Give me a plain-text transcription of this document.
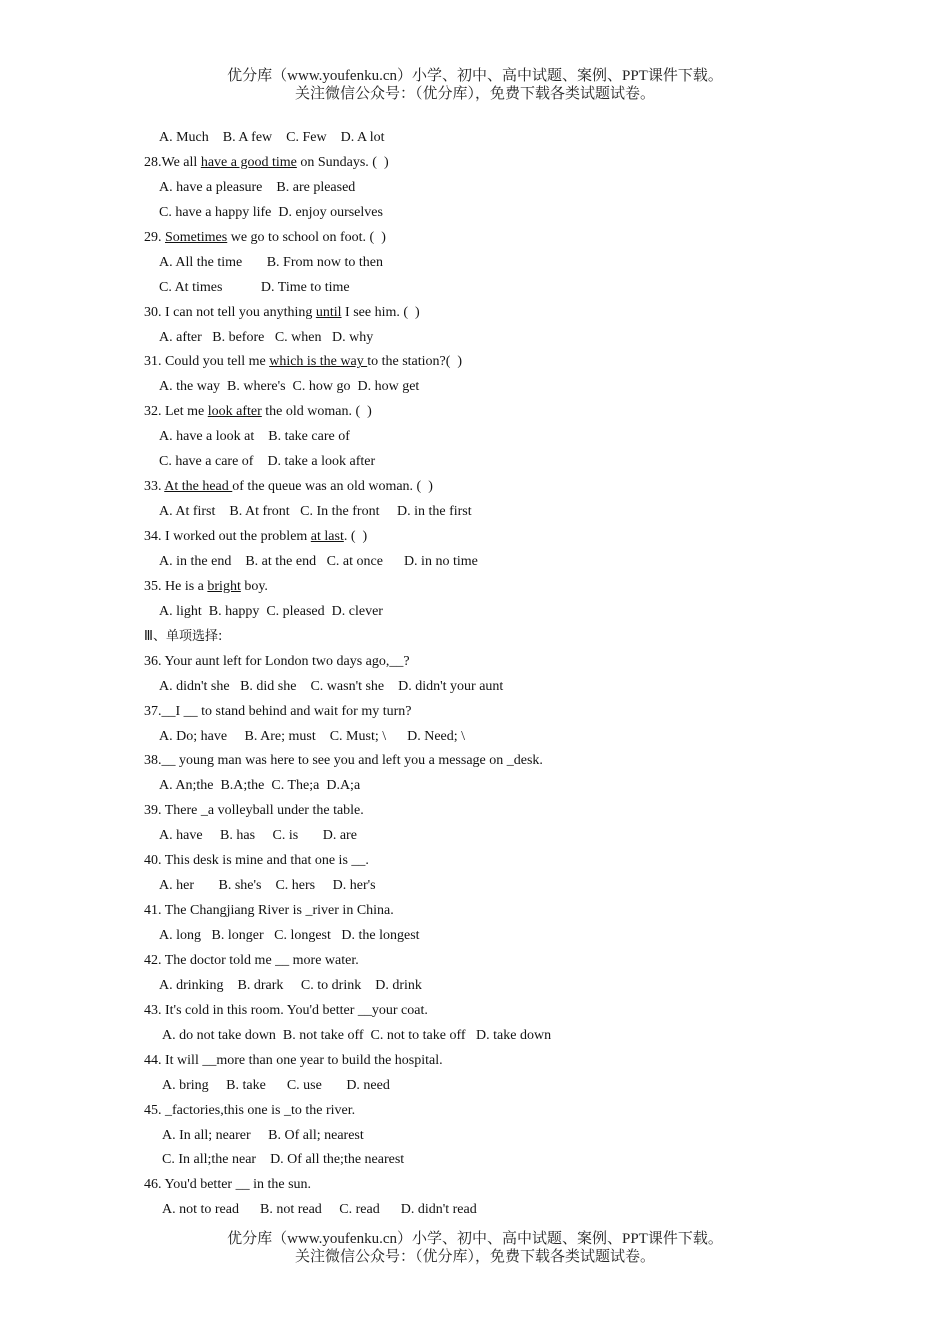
优分库（www.youfenku.cn）小学、初中、高中试题、案例、PPT课件下载。
关注微信公众号：（优分库），免费下载各类试题试卷。
A. Much    B. A few    C. Few    D. A lot
28.We all have a good time on Sundays. (  )
A. have a pleasure    B. are pleased
C. have a happy life  D. enjoy ourselves
29. Sometimes we go to school on foot. (  )
A. All the time       B. From now to then
C. At times           D. Time to time
30. I can not tell you anything until I see him. (  )
A. after   B. before   C. when   D. why
31. Could you tell me which is the way to the station?(  )
A. the way  B. where's  C. how go  D. how get
32. Let me look after the old woman. (  )
A. have a look at    B. take care of
C. have a care of    D. take a look after
33. At the head of the queue was an old woman. (  )
A. At first    B. At front   C. In the front     D. in the first
34. I worked out the problem at last. (  )
A. in the end    B. at the end   C. at once      D. in no time
35. He is a bright boy.
A. light  B. happy  C. pleased  D. clever
Ⅲ、单项选择:
36. Your aunt left for London two days ago,__?
A. didn't she   B. did she    C. wasn't she    D. didn't your aunt
37.__I __ to stand behind and wait for my turn?
A. Do; have     B. Are; must    C. Must; \      D. Need; \
38.__ young man was here to see you and left you a message on _desk.
A. An;the  B.A;the  C. The;a  D.A;a
39. There _a volleyball under the table.
A. have     B. has     C. is       D. are
40. This desk is mine and that one is __.
A. her       B. she's    C. hers     D. her's
41. The Changjiang River is _river in China.
A. long   B. longer   C. longest   D. the longest
42. The doctor told me __ more water.
A. drinking    B. drark     C. to drink    D. drink
43. It's cold in this room. You'd better __your coat.
A. do not take down  B. not take off  C. not to take off   D. take down
44. It will __more than one year to build the hospital.
A. bring     B. take      C. use       D. need
45. _factories,this one is _to the river.
A. In all; nearer     B. Of all; nearest
C. In all;the near    D. Of all the;the nearest
46. You'd better __ in the sun.
A. not to read      B. not read     C. read      D. didn't read
优分库（www.youfenku.cn）小学、初中、高中试题、案例、PPT课件下载。
关注微信公众号：（优分库），免费下载各类试题试卷。
